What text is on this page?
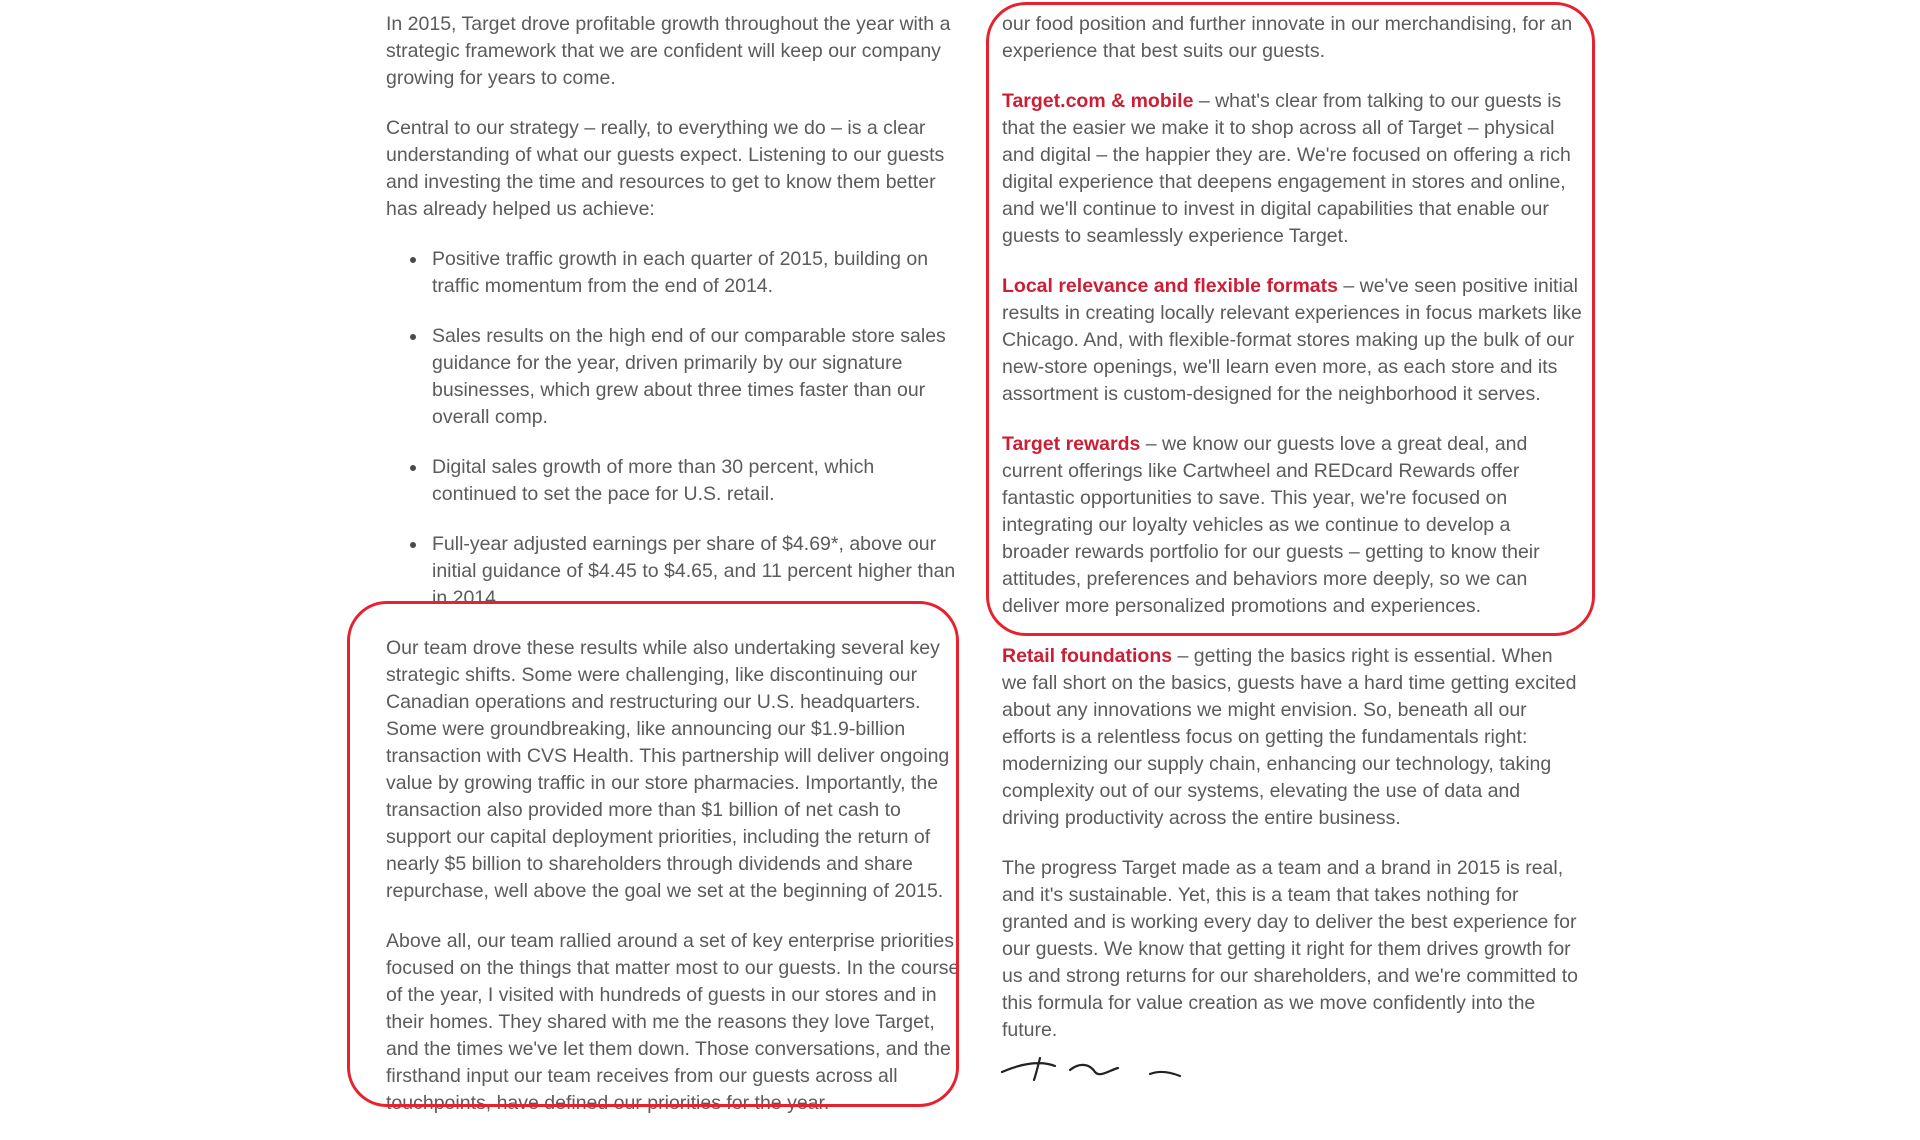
In 2015, Target drove profitable growth throughout the year with a strategic framework that we are confident will keep our company growing for years to come.

Central to our strategy – really, to everything we do – is a clear understanding of what our guests expect. Listening to our guests and investing the time and resources to get to know them better has already helped us achieve:

Positive traffic growth in each quarter of 2015, building on traffic momentum from the end of 2014.
Sales results on the high end of our comparable store sales guidance for the year, driven primarily by our signature businesses, which grew about three times faster than our overall comp.
Digital sales growth of more than 30 percent, which continued to set the pace for U.S. retail.
Full-year adjusted earnings per share of $4.69*, above our initial guidance of $4.45 to $4.65, and 11 percent higher than in 2014.

Our team drove these results while also undertaking several key strategic shifts. Some were challenging, like discontinuing our Canadian operations and restructuring our U.S. headquarters. Some were groundbreaking, like announcing our $1.9-billion transaction with CVS Health. This partnership will deliver ongoing value by growing traffic in our store pharmacies. Importantly, the transaction also provided more than $1 billion of net cash to support our capital deployment priorities, including the return of nearly $5 billion to shareholders through dividends and share repurchase, well above the goal we set at the beginning of 2015.

Above all, our team rallied around a set of key enterprise priorities focused on the things that matter most to our guests. In the course of the year, I visited with hundreds of guests in our stores and in their homes. They shared with me the reasons they love Target, and the times we've let them down. Those conversations, and the firsthand input our team receives from our guests across all touchpoints, have defined our priorities for the year.

our food position and further innovate in our merchandising, for an experience that best suits our guests.

Target.com & mobile – what's clear from talking to our guests is that the easier we make it to shop across all of Target – physical and digital – the happier they are. We're focused on offering a rich digital experience that deepens engagement in stores and online, and we'll continue to invest in digital capabilities that enable our guests to seamlessly experience Target.

Local relevance and flexible formats – we've seen positive initial results in creating locally relevant experiences in focus markets like Chicago. And, with flexible-format stores making up the bulk of our new-store openings, we'll learn even more, as each store and its assortment is custom-designed for the neighborhood it serves.

Target rewards – we know our guests love a great deal, and current offerings like Cartwheel and REDcard Rewards offer fantastic opportunities to save. This year, we're focused on integrating our loyalty vehicles as we continue to develop a broader rewards portfolio for our guests – getting to know their attitudes, preferences and behaviors more deeply, so we can deliver more personalized promotions and experiences.

Retail foundations – getting the basics right is essential. When we fall short on the basics, guests have a hard time getting excited about any innovations we might envision. So, beneath all our efforts is a relentless focus on getting the fundamentals right: modernizing our supply chain, enhancing our technology, taking complexity out of our systems, elevating the use of data and driving productivity across the entire business.

The progress Target made as a team and a brand in 2015 is real, and it's sustainable. Yet, this is a team that takes nothing for granted and is working every day to deliver the best experience for our guests. We know that getting it right for them drives growth for us and strong returns for our shareholders, and we're committed to this formula for value creation as we move confidently into the future.
